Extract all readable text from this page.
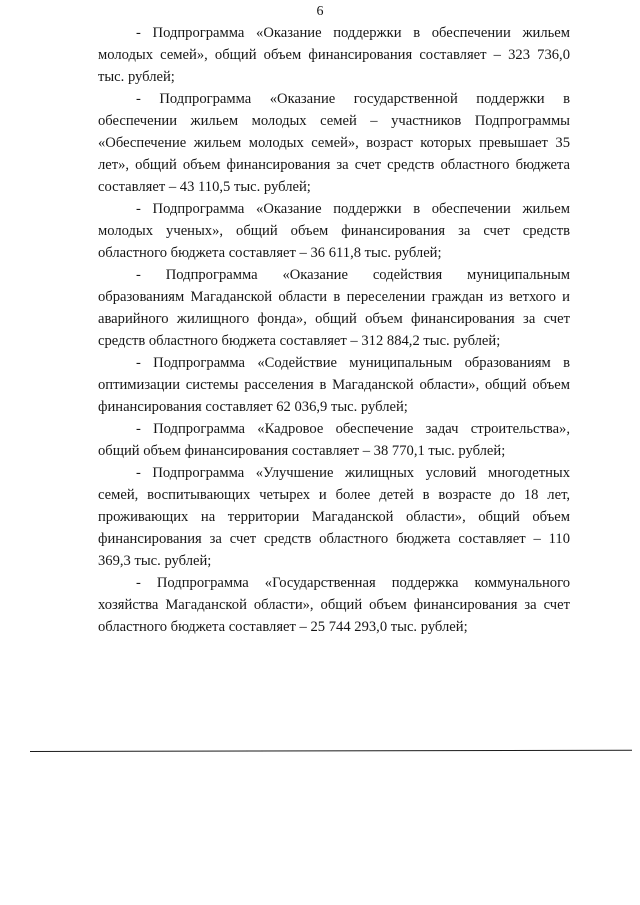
6

- Подпрограмма «Оказание поддержки в обеспечении жильем молодых семей», общий объем финансирования составляет – 323 736,0 тыс. рублей;

- Подпрограмма «Оказание государственной поддержки в обеспечении жильем молодых семей – участников Подпрограммы «Обеспечение жильем молодых семей», возраст которых превышает 35 лет», общий объем финансирования за счет средств областного бюджета составляет – 43 110,5 тыс. рублей;

- Подпрограмма «Оказание поддержки в обеспечении жильем молодых ученых», общий объем финансирования за счет средств областного бюджета составляет – 36 611,8 тыс. рублей;

- Подпрограмма «Оказание содействия муниципальным образованиям Магаданской области в переселении граждан из ветхого и аварийного жилищного фонда», общий объем финансирования за счет средств областного бюджета составляет – 312 884,2 тыс. рублей;

- Подпрограмма «Содействие муниципальным образованиям в оптимизации системы расселения в Магаданской области», общий объем финансирования составляет 62 036,9 тыс. рублей;

- Подпрограмма «Кадровое обеспечение задач строительства», общий объем финансирования составляет – 38 770,1 тыс. рублей;

- Подпрограмма «Улучшение жилищных условий многодетных семей, воспитывающих четырех и более детей в возрасте до 18 лет, проживающих на территории Магаданской области», общий объем финансирования за счет средств областного бюджета составляет – 110 369,3 тыс. рублей;

- Подпрограмма «Государственная поддержка коммунального хозяйства Магаданской области», общий объем финансирования за счет областного бюджета составляет – 25 744 293,0 тыс. рублей;
